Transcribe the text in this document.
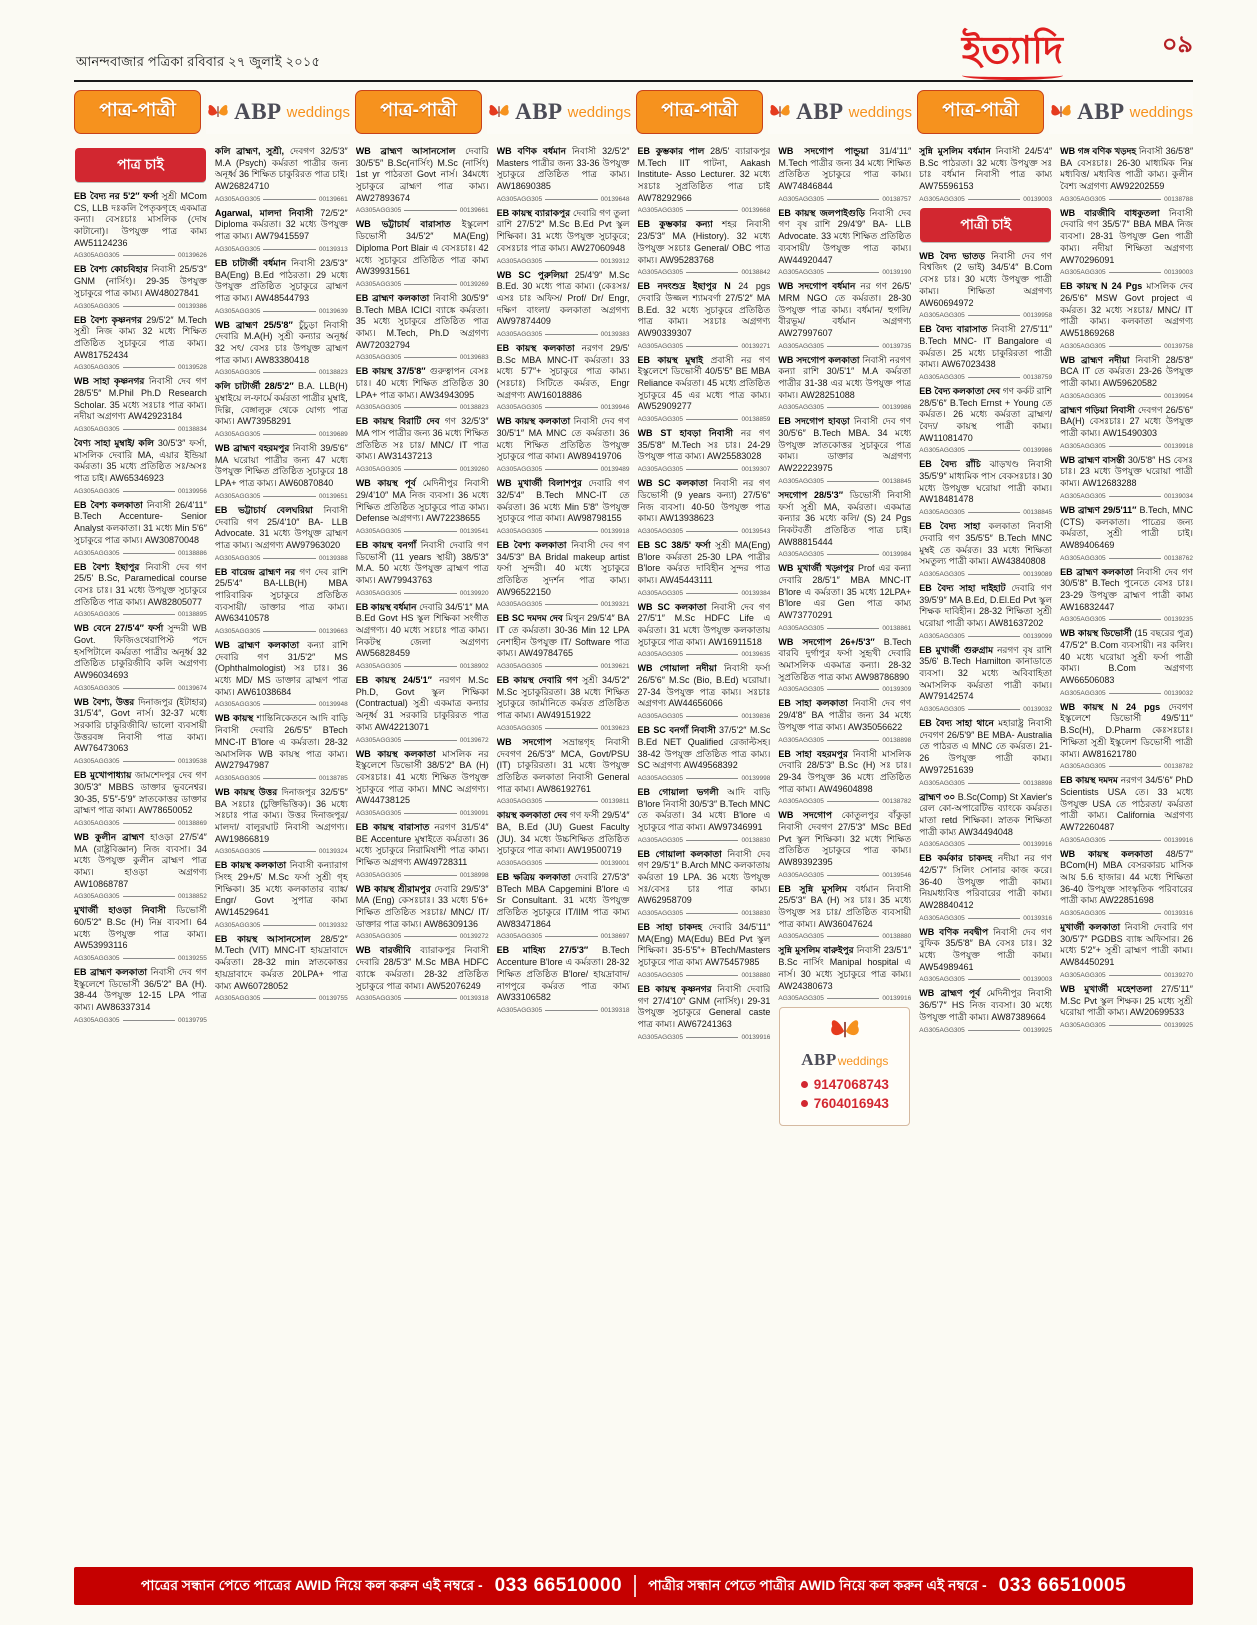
আনন্দবাজার পত্রিকা রবিবার ২৭ জুলাই ২০১৫	ইত্যাদি	০৯
পাত্র-পাত্রী	ABP weddings	পাত্র-পাত্রী	ABP weddings	পাত্র-পাত্রী	ABP weddings	পাত্র-পাত্রী	ABP weddings
পাত্র চাই

EB বৈদ্য নর 5'2″ ফর্সা সুশ্রী MCom CS, LLB দঃকলি পৈতৃকগৃহে একমাত্র কন্যা। বেসঃচাঃ মাসলিক (দোষ কাটানো)। উপযুক্ত পাত্র কাম্য AW51124236

AG305AGG305	00139626

EB বৈশ্য কোচবিহার নিবাসী 25/5'3″ GNM (নার্সিং)। 29-35 উপযুক্ত সুচাকুরে পাত্র কাম্য। AW48027841

AG305AGG305	00139386

EB বৈশ্য কৃষ্ণনগর 29/5'2″ M.Tech সুশ্রী নিজ কাম্য 32 মধ্যে শিক্ষিত প্রতিষ্ঠিত সুচাকুরে পাত্র কাম্য। AW81752434

AG305AGG305	00139528

WB সাহা কৃষ্ণনগর নিবাসী দেব গণ 28/5'5″ M.Phil Ph.D Research Scholar. 35 মধ্যে সঃচাঃ পাত্র কাম্য। নদীয়া অগ্রগণ্য AW42923184

AG305AGG305	00138834

বৈণ্য সাহা মুম্বাই/ কলি 30/5'3″ ফর্সা, মাসলিক দেবারি MA, এয়ার ইন্ডিয়া কর্মরতা। 35 মধ্যে প্রতিষ্ঠিত সঃ/অসঃ পাত্র চাই। AW65346923

AG305AGG305	00139956

EB বৈশ্য কলকাতা নিবাসী 26/4'11″ B.Tech Accenture- Senior Analyst কলকাতা। 31 মধ্যে Min 5'6″ সুচাকুরে পাত্র কাম্য। AW30870048

AG305AGG305	00138886

EB বৈশ্য ইছাপুর নিবাসী দেব গণ 25/5' B.Sc, Paramedical course বেসঃ চাঃ। 31 মধ্যে উপযুক্ত সুচাকুরে প্রতিষ্ঠিত পাত্র কাম্য। AW82805077

AG305AGG305	00138895

WB বেনে 27/5'4″ ফর্সা সুন্দরী WB Govt. ফিজিওথেরাপিস্ট পদে হসপিটালে কর্মরতা পাত্রীর অনূর্ধ্ব 32 প্রতিষ্ঠিত চাকুরিজীবি কলি অগ্রগণ্য AW96034693

AG305AGG305	00139674

WB বৈশ্য, উত্তর দিনাজপুর (ইটাহার) 31/5'4″, Govt নার্স। 32-37 মধ্যে সরকারি চাকুরিজীবি/ ভালো ব্যবসায়ী উত্তরবঙ্গ নিবাসী পাত্র কাম্য। AW76473063

AG305AGG305	00139538

EB মুখোপাধ্যায় জামশেদপুর দেব গণ 30/5'3″ MBBS ডাক্তার ভুবনেশ্বর। 30-35, 5'5″-5'9″ স্নাতকোত্তর ডাক্তার ব্রাহ্মণ পাত্র কাম্য। AW78650052

AG305AGG305	00138869

WB কুলীন ব্রাহ্মণ হাওড়া 27/5'4″ MA (রাষ্ট্রবিজ্ঞান) নিজ ব্যবসা। 34 মধ্যে উপযুক্ত কুলীন ব্রাহ্মণ পাত্র কাম্য। হাওড়া অগ্রগণ্য AW10868787

AG305AGG305	00138852

মুখার্জী হাওড়া নিবাসী ডিভোর্সী 60/5'2″ B.Sc (H) নিম্ন ব্যবসা। 64 মধ্যে উপযুক্ত পাত্র কাম্য। AW53993116

AG305AGG305	00139255

EB ব্রাহ্মণ কলকাতা নিবাসী দেব গণ ইস্কুলেশে ডিভোর্সী 36/5'2″ BA (H). 38-44 উপযুক্ত 12-15 LPA পাত্র কাম্য। AW86337314

AG305AGG305	00139795

কলি ব্রাহ্মণ, সুশ্রী, দেবগণ 32/5'3″ M.A (Psych) কর্মরতা পাত্রীর জন্য অনূর্ধ্ব 36 শিক্ষিত চাকুরিরত পাত্র চাই। AW26824710

AG305AGG305	00139661

Agarwal, মালদা নিবাসী 72/5'2″ Diploma কর্মরতা। 32 মধ্যে উপযুক্ত পাত্র কাম্য। AW79415597

AG305AGG305	00139313

EB চাটার্জী বর্ধমান নিবাসী 23/5'3″ BA(Eng) B.Ed পাঠরতা। 29 মধ্যে উপযুক্ত প্রতিষ্ঠিত সুচাকুরে ব্রাহ্মণ পাত্র কাম্য। AW48544793

AG305AGG305	00139639

WB ব্রাহ্মণ 25/5'8″ চুঁচুড়া নিবাসী দেবারি M.A(H) সুশ্রী কন্যার অনূর্ধ্ব 32 সৎ/ বেসঃ চাঃ উপযুক্ত ব্রাহ্মণ পাত্র কাম্য। AW83380418

AG305AGG305	00138823

কলি চাটার্জী 28/5'2″ B.A. LLB(H) মুম্বাইয়ে ল-ফার্মে কর্মরতা পাত্রীর মুম্বাই, দিল্লি, বেঙ্গালুরু থেকে যোগ্য পাত্র কাম্য। AW73958291

AG305AGG305	00139689

WB ব্রাহ্মণ বহরমপুর নিবাসী 39/5'6″ MA ঘরোয়া পাত্রীর জন্য 47 মধ্যে উপযুক্ত শিক্ষিত প্রতিষ্ঠিত সুচাকুরে 18 LPA+ পাত্র কাম্য। AW60870840

AG305AGG305	00139651

EB ভট্টাচার্য বেলঘরিয়া নিবাসী দেবারি গণ 25/4'10″ BA- LLB Advocate. 31 মধ্যে উপযুক্ত ব্রাহ্মণ পাত্র কাম্য। অগ্রগণ্য AW97963020

AG305AGG305	00139388

EB বারেন্দ্র ব্রাহ্মণ নর গণ দেব রাশি 25/5'4″ BA-LLB(H) MBA পারিবারিক সুচাকুরে প্রতিষ্ঠিত ব্যবসায়ী/ ডাক্তার পাত্র কাম্য। AW63410578

AG305AGG305	00139663

WB ব্রাহ্মণ কলকাতা কন্যা রাশি দেবারি গণ 31/5'2″ MS (Ophthalmologist) সঃ চাঃ। 36 মধ্যে MD/ MS ডাক্তার ব্রাহ্মণ পাত্র কাম্য। AW61038684

AG305AGG305	00139948

WB কায়স্থ শান্তিনিকেতনে আদি বাড়ি নিবাসী দেবারি 26/5'5″ BTech MNC-IT B'lore এ কর্মরতা। 28-32 অমাসলিক WB কায়স্থ পাত্র কাম্য। AW27947987

AG305AGG305	00138785

WB কায়স্থ উত্তর দিনাজপুর 32/5'5″ BA সঃচাঃ (চুক্তিভিত্তিক)। 36 মধ্যে সঃচাঃ পাত্র কাম্য। উত্তর দিনাজপুর/ মালদা/ বালুরঘাট নিবাসী অগ্রগণ্য। AW19866819

AG305AGG305	00139324

EB কায়স্থ কলকাতা নিবাসী কন্যারাগ সিংহ 29+/5' M.Sc ফর্সা সুশ্রী গৃহ শিক্ষিকা। 35 মধ্যে কলকাতার ব্যাঙ্ক/ Engr/ Govt সুপাত্র কাম্য AW14529641

AG305AGG305	00139332

EB কায়স্থ আসানসোল 28/5'2″ M.Tech (VIT) MNC-IT হায়দ্রাবাদে কর্মরতা। 28-32 min স্নাতকোত্তর হায়দ্রাবাদে কর্মরত 20LPA+ পাত্র কাম্য AW60728052

AG305AGG305	00139755

WB ব্রাহ্মণ আসানসোল দেবারি 30/5'5″ B.Sc(নার্সিং) M.Sc (নার্সিং) 1st yr পাঠরতা Govt নার্স। 34মধ্যে সুচাকুরে ব্রাহ্মণ পাত্র কাম্য। AW27893674

AG305AGG305	00139661

WB ভট্টাচার্য বারাসাত ইস্কুলেশ ডিভোর্সী 34/5'2″ MA(Eng) Diploma Port Blair এ বেসঃচাঃ। 42 মধ্যে সুচাকুরে প্রতিষ্ঠিত পাত্র কাম্য AW39931561

AG305AGG305	00139269

EB ব্রাহ্মণ কলকাতা নিবাসী 30/5'9″ B.Tech MBA ICICI ব্যাঙ্কে কর্মরতা। 35 মধ্যে সুচাকুরে প্রতিষ্ঠিত পাত্র কাম্য। M.Tech, Ph.D অগ্রগণ্য AW72032794

AG305AGG305	00139683

EB কায়স্থ 37/5'8″ গুরুত্বাপন বেসঃ চাঃ। 40 মধ্যে শিক্ষিত প্রতিষ্ঠিত 30 LPA+ পাত্র কাম্য। AW34943095

AG305AGG305	00138823

EB কায়স্থ বিরাটি দেব গণ 32/5'3″ MA পাস পাত্রীর জন্য 36 মধ্যে শিক্ষিত প্রতিষ্ঠিত সঃ চাঃ/ MNC/ IT পাত্র কাম্য। AW31437213

AG305AGG305	00139260

WB কায়স্থ পূর্ব মেদিনীপুর নিবাসী 29/4'10″ MA নিজ ব্যবসা। 36 মধ্যে শিক্ষিত প্রতিষ্ঠিত সুচাকুরে পাত্র কাম্য। Defense অগ্রগণ্য। AW72238655

AG305AGG305	00139541

EB কায়স্থ বনগাঁ নিবাসী দেবারি গণ ডিভোর্সী (11 years স্থায়ী) 38/5'3″ M.A. 50 মধ্যে উপযুক্ত ব্রাহ্মণ পাত্র কাম্য। AW79943763

AG305AGG305	00139920

EB কায়স্থ বর্ধমান দেবারি 34/5'1″ MA B.Ed Govt HS স্কুল শিক্ষিকা সংগীত অগ্রগণ্য। 40 মধ্যে সঃচাঃ পাত্র কাম্য। নিকটস্থ জেলা অগ্রগণ্য AW56828459

AG305AGG305	00138902

EB কায়স্থ 24/5'1″ নরগণ M.Sc Ph.D, Govt স্কুল শিক্ষিকা (Contractual) সুশ্রী একমাত্র কন্যার অনূর্ধ্ব 31 সরকারি চাকুরিরত পাত্র কাম্য AW42213071

AG305AGG305	00139672

WB কায়স্থ কলকাতা মাসলিক নর ইস্কুলেশে ডিভোর্সী 38/5'2″ BA (H) বেসঃচাঃ। 41 মধ্যে শিক্ষিত উপযুক্ত সুচাকুরে পাত্র কাম্য। MNC অগ্রগণ্য। AW44738125

AG305AGG305	00139091

EB কায়স্থ বারাসাত নরগণ 31/5'4″ BE Accenture মুম্বাইতে কর্মরতা। 36 মধ্যে সুচাকুরে নিরামিষাশী পাত্র কাম্য। শিক্ষিত অগ্রগণ্য AW49728311

AG305AGG305	00138998

WB কায়স্থ শ্রীরামপুর দেবারি 29/5'3″ MA (Eng) কেসঃচাঃ। 33 মধ্যে 5'6+ শিক্ষিত প্রতিষ্ঠিত সঃচাঃ/ MNC/ IT/ ডাক্তার পাত্র কাম্য। AW86309136

AG305AGG305	00139272

WB বারজীবি ব্যারাকপুর নিবাসী দেবারি 28/5'3″ M.Sc MBA HDFC ব্যাঙ্কে কর্মরতা। 28-32 প্রতিষ্ঠিত সুচাকুরে পাত্র কাম্য। AW52076249

AG305AGG305	00139318

WB বণিক বর্ধমান নিবাসী 32/5'2″ Masters পাত্রীর জন্য 33-36 উপযুক্ত সুচাকুরে প্রতিষ্ঠিত পাত্র কাম্য। AW18690385

AG305AGG305	00139648

EB কায়স্থ ব্যারাকপুর দেবারি গণ তুলা রাশি 27/5'2″ M.Sc B.Ed Pvt স্কুল শিক্ষিকা। 31 মধ্যে উপযুক্ত সুচাকুরে; বেসঃচাঃ পাত্র কাম্য। AW27060948

AG305AGG305	00139312

WB SC পুরুলিয়া 25/4'9″ M.Sc B.Ed. 30 মধ্যে পাত্র কাম্য। (কেঃসঃ/ এসঃ চাঃ অফিস/ Prof/ Dr/ Engr, দক্ষিণ বাংলা/ কলকাতা অগ্রগণ্য AW97874409

AG305AGG305	00139383

EB কায়স্থ কলকাতা নরগণ 29/5' B.Sc MBA MNC-IT কর্মরতা। 33 মধ্যে 5'7″+ সুচাকুরে পাত্র কাম্য। (সঃচাঃ) সিটিতে কর্মরত, Engr অগ্রগণ্য AW16018886

AG305AGG305	00139946

WB কায়স্থ কলকাতা নিবাসী দেব গণ 30/5'1″ MA MNC তে কর্মরতা। 36 মধ্যে শিক্ষিত প্রতিষ্ঠিত উপযুক্ত সুচাকুরে পাত্র কাম্য। AW89419706

AG305AGG305	00139489

WB মুখার্জী বিলাশপুর দেবারি গণ 32/5'4″ B.Tech MNC-IT তে কর্মরতা। 36 মধ্যে Min 5'8″ উপযুক্ত সুচাকুরে পাত্র কাম্য। AW98798155

AG305AGG305	00139918

EB বৈশ্য কলকাতা নিবাসী দেব গণ 34/5'3″ BA Bridal makeup artist ফর্সা সুন্দরী। 40 মধ্যে সুচাকুরে প্রতিষ্ঠিত সুদর্শন পাত্র কাম্য। AW96522150

AG305AGG305	00139321

EB SC দমদম দেব মিথুন 29/5'4″ BA IT তে কর্মরতা। 30-36 Min 12 LPA নেশাহীন উপযুক্ত IT/ Software পাত্র কাম্য। AW49784765

AG305AGG305	00139621

EB কায়স্থ দেবারি গণ সুশ্রী 34/5'2″ M.Sc সুচাকুরিরতা। 38 মধ্যে শিক্ষিত সুচাকুরে জার্মানিতে কর্মরত প্রতিষ্ঠিত পাত্র কাম্য। AW49151922

AG305AGG305	00139623

WB সদগোপ সভ্রান্তগৃহ নিবাসী দেবগণ 26/5'3″ MCA, Govt/PSU (IT) চাকুরিরতা। 31 মধ্যে উপযুক্ত প্রতিষ্ঠিত কলকাতা নিবাসী General পাত্র কাম্য। AW86192761

AG305AGG305	00139811

কায়স্থ কলকাতা দেব গণ ফর্সী 29/5'4″ BA, B.Ed (JU) Guest Faculty (JU). 34 মধ্যে উচ্চশিক্ষিত প্রতিষ্ঠিত সুচাকুরে পাত্র কাম্য। AW19500719

AG305AGG305	00139001

EB ক্ষত্রিয় কলকাতা দেবারি 27/5'3″ BTech MBA Capgemini B'lore এ Sr Consultant. 31 মধ্যে উপযুক্ত প্রতিষ্ঠিত সুচাকুরে IT/IIM পাত্র কাম্য AW83471864

AG305AGG305	00138697

EB মাহিষ্য 27/5'3″ B.Tech Accenture B'lore এ কর্মরতা। 28-32 শিক্ষিত প্রতিষ্ঠিত B'lore/ হায়দ্রাবাদ/ নাগপুরে কর্মরত পাত্র কাম্য AW33106582

AG305AGG305	00139318

EB কুম্ভকার পাল 28/5' ব্যারাকপুর M.Tech IIT পাটনা, Aakash Institute- Asso Lecturer. 32 মধ্যে সঃচাঃ সুপ্রতিষ্ঠিত পাত্র চাই AW78292966

AG305AGG305	00139668

EB কুম্ভকার কন্যা শহর নিবাসী 23/5'3″ MA (History). 32 মধ্যে উপযুক্ত সঃচাঃ General/ OBC পাত্র কাম্য। AW95283768

AG305AGG305	00138842

EB নদংশুদ্র ইছাপুর N 24 pgs দেবারি উজ্জল শ্যামবর্ণা 27/5'2″ MA B.Ed. 32 মধ্যে সুচাকুরে প্রতিষ্ঠিত পাত্র কাম্য। সঃচাঃ অগ্রগণ্য AW90339307

AG305AGG305	00139271

EB কায়স্থ মুম্বাই প্রবাসী নর গণ ইস্কুলেশে ডিভোর্সী 40/5'5″ BE MBA Reliance কর্মরতা। 45 মধ্যে প্রতিষ্ঠিত সুচাকুরে 45 এর মধ্যে পাত্র কাম্য। AW52909277

AG305AGG305	00138859

WB ST হাবড়া নিবাসী নর গণ 35/5'8″ M.Tech সঃ চাঃ। 24-29 উপযুক্ত পাত্র কাম্য। AW25583028

AG305AGG305	00139307

WB SC কলকাতা নিবাসী নর গণ ডিভোর্সী (9 years কন্যা) 27/5'6″ নিজ ব্যবসা। 40-50 উপযুক্ত পাত্র কাম্য। AW13938623

AG305AGG305	00139543

EB SC 38/5' ফর্সা সুশ্রী MA(Eng) B'lore কর্মরতা 25-30 LPA পাত্রীর B'lore কর্মরত দাবিহীন সুন্দর পাত্র কাম্য। AW45443111

AG305AGG305	00139384

WB SC কলকাতা নিবাসী দেব গণ 27/5'1″ M.Sc HDFC Life এ কর্মরতা। 31 মধ্যে উপযুক্ত কলকাতায় সুচাকুরে পাত্র কাম্য। AW16911518

AG305AGG305	00139635

WB গোয়ালা নদীয়া নিবাসী ফর্সা 26/5'6″ M.Sc (Bio, B.Ed) ঘরোয়া। 27-34 উপযুক্ত পাত্র কাম্য। সঃচাঃ অগ্রগণ্য AW44656066

AG305AGG305	00139836

EB SC বনগাঁ নিবাসী 37/5'2″ M.Sc B.Ed NET Qualified রেজাল্টসহ। 38-42 উপযুক্ত প্রতিষ্ঠিত পাত্র কাম্য। SC অগ্রগণ্য AW49568392

AG305AGG305	00139998

EB গোয়ালা ভগলী আদি বাড়ি B'lore নিবাসী 30/5'3″ B.Tech MNC তে কর্মরতা। 34 মধ্যে B'lore এ সুচাকুরে পাত্র কাম্য। AW97346991

AG305AGG305	00138830

EB গোয়ালা কলকাতা নিবাসী দেব গণ 29/5'1″ B.Arch MNC কলকাতায় কর্মরতা 19 LPA. 36 মধ্যে উপযুক্ত সঃ/বেসঃ চাঃ পাত্র কাম্য। AW62958709

AG305AGG305	00138830

EB সাহা চাকদহ দেবারি 34/5'11″ MA(Eng) MA(Edu) BEd Pvt স্কুল শিক্ষিকা। 35-5'5″+ BTech/Masters সুচাকুরে পাত্র কাম্য AW75457985

AG305AGG305	00138880

EB কায়স্থ কৃষ্ণনগর নিবাসী দেবারি গণ 27/4'10″ GNM (নার্সিং)। 29-31 উপযুক্ত সুচাকুরে General caste পাত্র কাম্য। AW67241363

AG305AGG305	00139916

WB সদগোপ পান্ডুয়া 31/4'11″ M.Tech পাত্রীর জন্য 34 মধ্যে শিক্ষিত প্রতিষ্ঠিত সুচাকুরে পাত্র কাম্য। AW74846844

AG305AGG305	00138757

EB কায়স্থ জলপাইগুড়ি নিবাসী দেব গণ বৃষ রাশি 29/4'9″ BA- LLB Advocate. 33 মধ্যে শিক্ষিত প্রতিষ্ঠিত ব্যবসায়ী/ উপযুক্ত পাত্র কাম্য। AW44920447

AG305AGG305	00139190

WB সদগোপ বর্ধমান নর গণ 26/5' MRM NGO তে কর্মরতা। 28-30 উপযুক্ত পাত্র কাম্য। বর্ধমান/ হুগলি/ বীরভূম/ বর্ধমান অগ্রগণ্য AW27997607

AG305AGG305	00139735

WB সদগোপ কলকাতা নিবাসী নরগণ কন্যা রাশি 30/5'1″ M.A কর্মরতা পাত্রীর 31-38 এর মধ্যে উপযুক্ত পাত্র কাম্য। AW28251088

AG305AGG305	00139986

EB সদগোপ হাবড়া নিবাসী দেব গণ 30/5'6″ B.Tech MBA. 34 মধ্যে উপযুক্ত স্নাতকোত্তর সুচাকুরে পাত্র কাম্য। ডাক্তার অগ্রগণ্য AW22223975

AG305AGG305	00138845

সদগোপ 28/5'3″ ডিভোর্সী নিবাসী ফর্সা সুশ্রী MA, কর্মরতা। একমাত্র কন্যার 36 মধ্যে কলি/ (S) 24 Pgs নিকটবর্তী প্রতিষ্ঠিত পাত্র চাই। AW88815444

AG305AGG305	00139984

WB মুখার্জী খড়্গপুর Prof এর কন্যা দেবারি 28/5'1″ MBA MNC-IT B'lore এ কর্মরতা। 35 মধ্যে 12LPA+ B'lore এর Gen পাত্র কাম্য AW73770291

AG305AGG305	00138861

WB সদগোপ 26+/5'3″ B.Tech বারবি দুর্গাপুর ফর্সা সুহৃখী দেবারি অমাসলিক একমাত্র কন্যা। 28-32 সুপ্রতিষ্ঠিত পাত্র কাম্য AW98786890

AG305AGG305	00139309

EB সাহা কলকাতা নিবাসী দেব গণ 29/4'8″ BA পাত্রীর জন্য 34 মধ্যে উপযুক্ত পাত্র কাম্য। AW35056622

AG305AGG305	00138898

EB সাহা বহরমপুর নিবাসী মাসলিক দেবারি 28/5'3″ B.Sc (H) সঃ চাঃ। 29-34 উপযুক্ত 36 মধ্যে প্রতিষ্ঠিত পাত্র কাম্য। AW49604898

AG305AGG305	00138782

WB সদগোপ কোতুলপুর বাঁকুড়া নিবাসী দেবগণ 27/5'3″ MSc BEd Pvt স্কুল শিক্ষিকা। 32 মধ্যে শিক্ষিত প্রতিষ্ঠিত সুচাকুরে পাত্র কাম্য। AW89392395

AG305AGG305	00139546

EB সুন্নি মুসলিম বর্ধমান নিবাসী 25/5'3″ BA (H) সঃ চাঃ। 35 মধ্যে উপযুক্ত সঃ চাঃ/ প্রতিষ্ঠিত ব্যবসায়ী পাত্র কাম্য। AW36047624

AG305AGG305	00138880

সুন্নি মুসলিম বারুইপুর নিবাসী 23/5'1″ B.Sc নার্সিং Manipal hospital এ নার্স। 30 মধ্যে সুচাকুরে পাত্র কাম্য। AW24380673

AG305AGG305	00139916
ABPweddings
9147068743
7604016943

সুন্নি মুসলিম বর্ধমান নিবাসী 24/5'4″ B.Sc পাঠরতা। 32 মধ্যে উপযুক্ত সঃ চাঃ বর্ধমান নিবাসী পাত্র কাম্য AW75596153

AG305AGG305	00139003
পাত্রী চাই

WB বৈদ্য ভাতড় নিবাসী দেব গণ বিশ্বজিৎ (2 ভাই) 34/5'4″ B.Com বেসঃ চাঃ। 30 মধ্যে উপযুক্ত পাত্রী কাম্য। শিক্ষিতা অগ্রগণ্য AW60694972

AG305AGG305	00139958

EB বৈদ্য বারাসাত নিবাসী 27/5'11″ B.Tech MNC- IT Bangalore এ কর্মরত। 25 মধ্যে চাকুরিরতা পাত্রী কাম্য। AW67023438

AG305AGG305	00138759

EB বৈদ্য কলকাতা দেব গণ কর্কট রাশি 28/5'6″ B.Tech Ernst + Young তে কর্মরত। 26 মধ্যে কর্মরতা ব্রাহ্মণ/ বৈদ্য/ কায়স্থ পাত্রী কাম্য। AW11081470

AG305AGG305	00139986

EB বৈদ্য রাঁচি ঝাড়খণ্ড নিবাসী 35/5'9″ মাধ্যমিক পাস বেকসঃচাঃ। 30 মধ্যে উপযুক্ত ঘরোয়া পাত্রী কাম্য। AW18481478

AG305AGG305	00138845

EB বৈদ্য সাহা কলকাতা নিবাসী দেবারি গণ 35/5'5″ B.Tech MNC মুম্বই তে কর্মরত। 33 মধ্যে শিক্ষিতা সমতুল্য পাত্রী কাম্য। AW43840808

AG305AGG305	00139089

EB বৈদ্য সাহা দাইহাট দেবারি গণ 39/5'9″ MA B.Ed, D.El.Ed Pvt স্কুল শিক্ষক দাবিহীন। 28-32 শিক্ষিতা সুশ্রী ঘরোয়া পাত্রী কাম্য। AW81637202

AG305AGG305	00139099

EB মুখার্জী গুরুগ্রাম নরগণ বৃষ রাশি 35/6' B.Tech Hamilton কানাডাতে ব্যবসা। 32 মধ্যে অবিবাহিতা অমাসলিক কর্মরতা পাত্রী কাম্য। AW79142574

AG305AGG305	00139032

EB বৈদ্য সাহা থানে মহারাষ্ট্র নিবাসী দেবগণ 26/5'9″ BE MBA- Australia তে পাঠরত এ MNC তে কর্মরত। 21-26 উপযুক্ত পাত্রী কাম্য। AW97251639

AG305AGG305	00138898

ব্রাহ্মণ ৩০ B.Sc(Comp) St Xavier's রেল কো-অপারেটিভ ব্যাংকে কর্মরত। মাতা retd শিক্ষিকা। স্নাতক শিক্ষিতা পাত্রী কাম্য AW34494048

AG305AGG305	00139916

EB কর্মকার চাকদহ নদীয়া নর গণ 42/5'7″ সিলিং সোনার কাজ করে। 36-40 উপযুক্ত পাত্রী কাম্য। নিয়মধ্যবিত্ত পরিবারের পাত্রী কাম্য। AW28840412

AG305AGG305	00139316

WB বণিক নবদ্বীপ নিবাসী দেব গণ বুফিক 35/5'8″ BA বেসঃ চাঃ। 32 মধ্যে উপযুক্ত পাত্রী কাম্য। AW54989461

AG305AGG305	00139003

WB ব্রাহ্মণ পূর্ব মেদিনীপুর নিবাসী 36/5'7″ HS নিজ ব্যবসা। 30 মধ্যে উপযুক্ত পাত্রী কাম্য। AW87389664

AG305AGG305	00139925

WB গঙ্গ বণিক খড়দহ নিবাসী 36/5'8″ BA বেসঃচাঃ। 26-30 মাধ্যমিক নিম্ন মধ্যবিত্ত/ মধ্যবিত্ত পাত্রী কাম্য। কুলীন বৈশ্য অগ্রগণ্য AW92202559

AG305AGG305	00138788

WB বারজীবি বাধকুতলা নিবাসী দেবারি গণ 35/5'7″ BBA MBA নিজ ব্যবসা। 28-31 উপযুক্ত Gen পাত্রী কাম্য। নদীয়া শিক্ষিতা অগ্রগণ্য AW70296091

AG305AGG305	00139003

EB কায়স্থ N 24 Pgs মাসলিক দেব 26/5'6″ MSW Govt project এ কর্মরত। 32 মধ্যে সঃচাঃ/ MNC/ IT পাত্রী কাম্য। কলকাতা অগ্রগণ্য AW51869268

AG305AGG305	00139758

WB ব্রাহ্মণ নদীয়া নিবাসী 28/5'8″ BCA IT তে কর্মরত। 23-26 উপযুক্ত পাত্রী কাম্য। AW59620582

AG305AGG305	00139954

ব্রাহ্মণ গড়িয়া নিবাসী দেবগণ 26/5'6″ BA(H) বেসঃচাঃ। 27 মধ্যে উপযুক্ত পাত্রী কাম্য। AW15490303

AG305AGG305	00139918

WB ব্রাহ্মণ বাসন্তী 30/5'8″ HS বেসঃ চাঃ। 23 মধ্যে উপযুক্ত ঘরোয়া পাত্রী কাম্য। AW12683288

AG305AGG305	00139034

WB ব্রাহ্মণ 29/5'11″ B.Tech, MNC (CTS) কলকাতা। পাত্রের জন্য কর্মরতা, সুশ্রী পাত্রী চাই। AW89406469

AG305AGG305	00138762

EB ব্রাহ্মণ কলকাতা নিবাসী দেব গণ 30/5'8″ B.Tech পুনেতে বেসঃ চাঃ। 23-29 উপযুক্ত ব্রাহ্মণ পাত্রী কাম্য AW16832447

AG305AGG305	00139235

WB কায়স্থ ডিভোর্সী (15 বছরের পুত্র) 47/5'2″ B.Com ব্যবসায়ী। নঃ কলিং। 40 মধ্যে ঘরোয়া সুশ্রী ফর্সা পাত্রী কাম্য। B.Com অগ্রগণ্য AW66506083

AG305AGG305	00139032

WB কায়স্থ N 24 pgs দেবগণ ইস্কুলেশে ডিভোর্সী 49/5'11″ B.Sc(H), D.Pharm কেঃসঃচাঃ। শিক্ষিতা সুশ্রী ইস্কুলেশ ডিভোর্সী পাত্রী কাম্য। AW81621780

AG305AGG305	00138782

EB কায়স্থ দমদম নরগণ 34/5'6″ PhD Scientists USA তে। 33 মধ্যে উপযুক্ত USA তে পাঠরতা/ কর্মরতা পাত্রী কাম্য। California অগ্রগণ্য AW72260487

AG305AGG305	00139916

WB কায়স্থ কলকাতা 48/5'7″ BCom(H) MBA বেসরকারচ মাসিক আয় 5.6 হাজার। 44 মধ্যে শিক্ষিতা 36-40 উপযুক্ত সাংস্কৃতিক পরিবারের পাত্রী কাম্য AW22851698

AG305AGG305	00139316

মুখার্জী কলকাতা নিবাসী দেবারি গণ 30/5'7″ PGDBS ব্যাঙ্ক অফিসার। 26 মধ্যে 5'2″+ সুশ্রী ব্রাহ্মণ পাত্রী কাম্য। AW84450291

AG305AGG305	00139270

WB মুখার্জী মহেশতলা 27/5'11″ M.Sc Pvt স্কুল শিক্ষক। 25 মধ্যে সুশ্রী ঘরোয়া পাত্রী কাম্য। AW20699533

AG305AGG305	00139925
পাত্রের সন্ধান পেতে পাত্রের AWID নিয়ে কল করুন এই নম্বরে - 033 66510000 পাত্রীর সন্ধান পেতে পাত্রীর AWID নিয়ে কল করুন এই নম্বরে - 033 66510005
